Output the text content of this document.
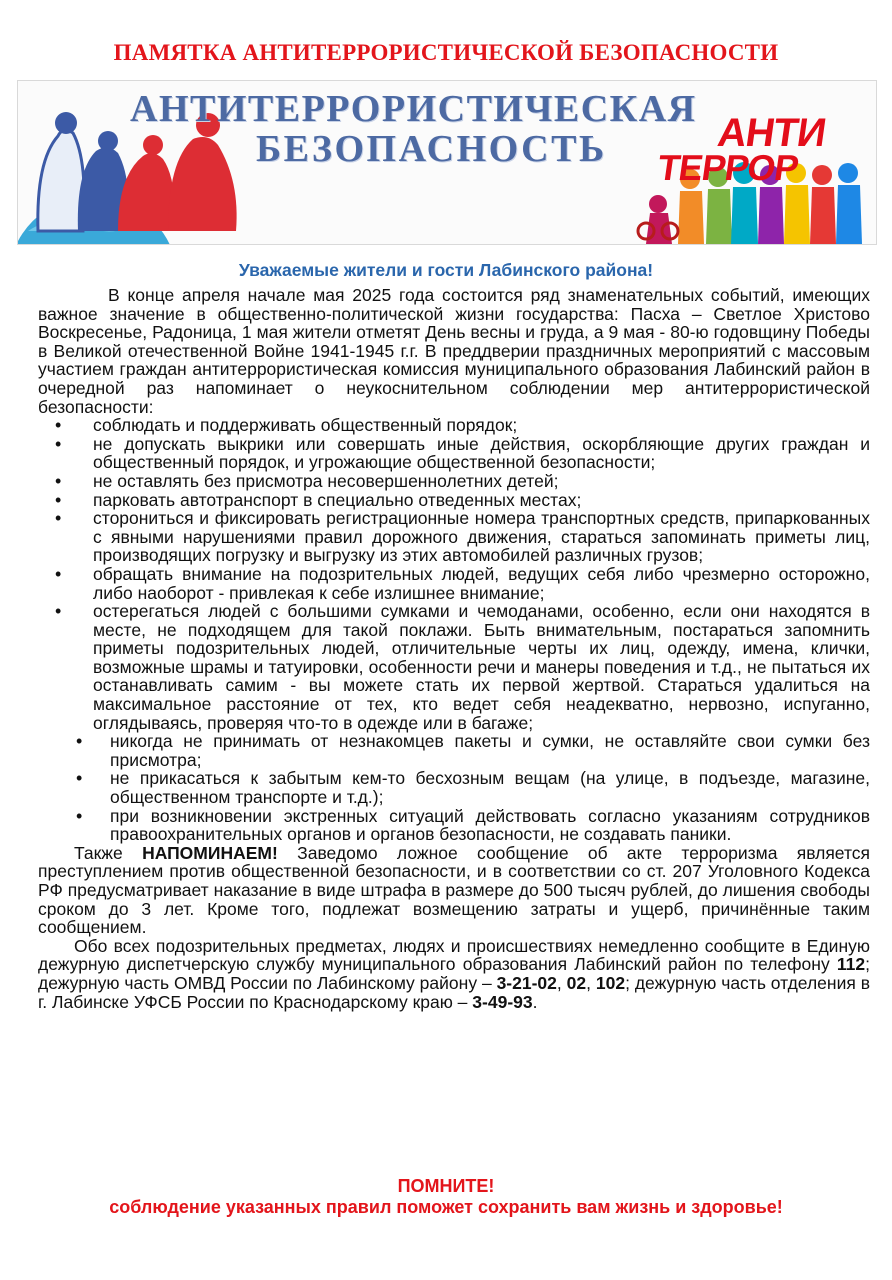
ПАМЯТКА АНТИТЕРРОРИСТИЧЕСКОЙ БЕЗОПАСНОСТИ
АНТИТЕРРОРИСТИЧЕСКАЯ
БЕЗОПАСНОСТЬ	АНТИ
ТЕРРОР
Уважаемые жители и гости Лабинского района!

В конце апреля начале мая 2025 года состоится ряд знаменательных событий, имеющих важное значение в общественно-политической жизни государства: Пасха – Светлое Христово Воскресенье, Радоница, 1 мая жители отметят День весны и груда, а 9 мая - 80-ю годовщину Победы в Великой отечественной Войне 1941-1945 г.г. В преддверии праздничных мероприятий с массовым участием граждан антитеррористическая комиссия муниципального образования Лабинский район в очередной раз напоминает о неукоснительном соблюдении мер антитеррористической безопасности:

• соблюдать и поддерживать общественный порядок;
• не допускать выкрики или совершать иные действия, оскорбляющие других граждан и общественный порядок, и угрожающие общественной безопасности;
• не оставлять без присмотра несовершеннолетних детей;
• парковать автотранспорт в специально отведенных местах;
• сторониться и фиксировать регистрационные номера транспортных средств, припаркованных с явными нарушениями правил дорожного движения, стараться запоминать приметы лиц, производящих погрузку и выгрузку из этих автомобилей различных грузов;
• обращать внимание на подозрительных людей, ведущих себя либо чрезмерно осторожно, либо наоборот - привлекая к себе излишнее внимание;
• остерегаться людей с большими сумками и чемоданами, особенно, если они находятся в месте, не подходящем для такой поклажи. Быть внимательным, постараться запомнить приметы подозрительных людей, отличительные черты их лиц, одежду, имена, клички, возможные шрамы и татуировки, особенности речи и манеры поведения и т.д., не пытаться их останавливать самим - вы можете стать их первой жертвой. Стараться удалиться на максимальное расстояние от тех, кто ведет себя неадекватно, нервозно, испуганно, оглядываясь, проверяя что-то в одежде или в багаже;
• никогда не принимать от незнакомцев пакеты и сумки, не оставляйте свои сумки без присмотра;
• не прикасаться к забытым кем-то бесхозным вещам (на улице, в подъезде, магазине, общественном транспорте и т.д.);
• при возникновении экстренных ситуаций действовать согласно указаниям сотрудников правоохранительных органов и органов безопасности, не создавать паники.

Также НАПОМИНАЕМ! Заведомо ложное сообщение об акте терроризма является преступлением против общественной безопасности, и в соответствии со ст. 207 Уголовного Кодекса РФ предусматривает наказание в виде штрафа в размере до 500 тысяч рублей, до лишения свободы сроком до 3 лет. Кроме того, подлежат возмещению затраты и ущерб, причинённые таким сообщением.

Обо всех подозрительных предметах, людях и происшествиях немедленно сообщите в Единую дежурную диспетчерскую службу муниципального образования Лабинский район по телефону 112; дежурную часть ОМВД России по Лабинскому району – 3-21-02, 02, 102; дежурную часть отделения в г. Лабинске УФСБ России по Краснодарскому краю – 3-49-93.

ПОМНИТЕ!
соблюдение указанных правил поможет сохранить вам жизнь и здоровье!
